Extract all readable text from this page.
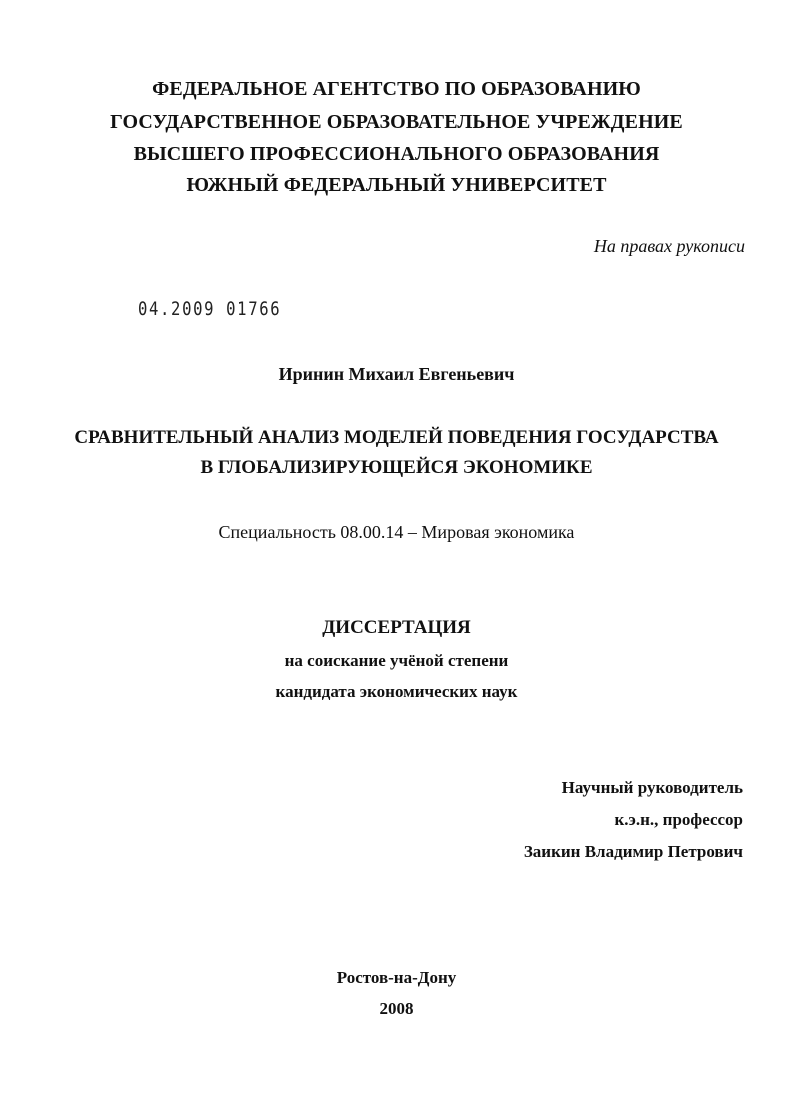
ФЕДЕРАЛЬНОЕ АГЕНТСТВО ПО ОБРАЗОВАНИЮ
ГОСУДАРСТВЕННОЕ ОБРАЗОВАТЕЛЬНОЕ УЧРЕЖДЕНИЕ
ВЫСШЕГО ПРОФЕССИОНАЛЬНОГО ОБРАЗОВАНИЯ
ЮЖНЫЙ ФЕДЕРАЛЬНЫЙ УНИВЕРСИТЕТ
На правах рукописи
04.2009 01766
Иринин Михаил Евгеньевич
СРАВНИТЕЛЬНЫЙ АНАЛИЗ МОДЕЛЕЙ ПОВЕДЕНИЯ ГОСУДАРСТВА
В ГЛОБАЛИЗИРУЮЩЕЙСЯ ЭКОНОМИКЕ
Специальность 08.00.14 – Мировая экономика
ДИССЕРТАЦИЯ
на соискание учёной степени
кандидата экономических наук
Научный руководитель
к.э.н., профессор
Заикин Владимир Петрович
Ростов-на-Дону
2008
